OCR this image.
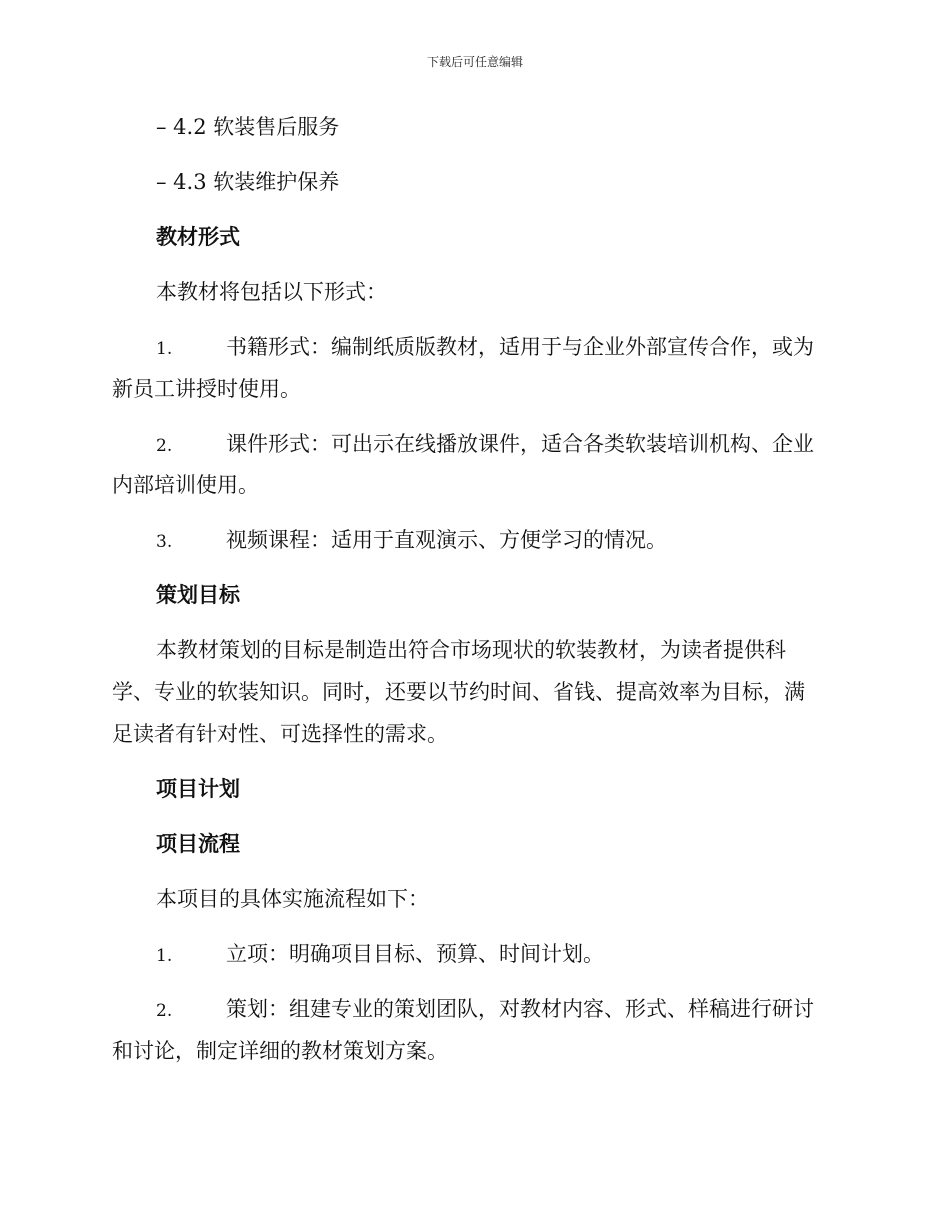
下载后可任意编辑
– 4.2 软装售后服务
– 4.3 软装维护保养
教材形式
本教材将包括以下形式：
1.	书籍形式：编制纸质版教材，适用于与企业外部宣传合作，或为
新员工讲授时使用。
2.	课件形式：可出示在线播放课件，适合各类软装培训机构、企业
内部培训使用。
3.	视频课程：适用于直观演示、方便学习的情况。
策划目标
本教材策划的目标是制造出符合市场现状的软装教材，为读者提供科
学、专业的软装知识。同时，还要以节约时间、省钱、提高效率为目标，满
足读者有针对性、可选择性的需求。
项目计划
项目流程
本项目的具体实施流程如下：
1.	立项：明确项目目标、预算、时间计划。
2.	策划：组建专业的策划团队，对教材内容、形式、样稿进行研讨
和讨论，制定详细的教材策划方案。
